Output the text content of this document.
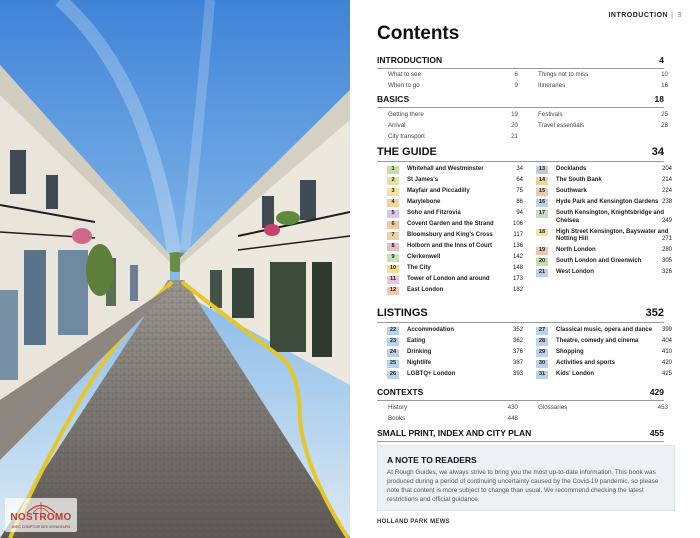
NOSTROMO
AVEC COMPTOIR DES VOYAGEURS
INTRODUCTION | 3
Contents
INTRODUCTION	4
What to see	6
When to go	9
Things not to miss	10
Itineraries	16
BASICS	18
Getting there	19
Arrival	20
City transport	21
Festivals	25
Travel essentials	28
THE GUIDE	34
1	Whitehall and Westminster	34
2	St James's	64
3	Mayfair and Piccadilly	75
4	Marylebone	86
5	Soho and Fitzrovia	94
6	Covent Garden and the Strand	106
7	Bloomsbury and King's Cross	117
8	Holborn and the Inns of Court	136
9	Clerkenwell	142
10	The City	148
11	Tower of London and around	173
12	East London	182
13	Docklands	204
14	The South Bank	214
15	Southwark	224
16	Hyde Park and Kensington Gardens 238
17	South Kensington, Knightsbridge and Chelsea	249
18	High Street Kensington, Bayswater and Notting Hill	271
19	North London	280
20	South London and Greenwich	305
21	West London	326
LISTINGS	352
22	Accommodation	352
23	Eating	362
24	Drinking	376
25	Nightlife	387
26	LGBTQ+ London	393
27	Classical music, opera and dance 399
28	Theatre, comedy and cinema	404
29	Shopping	410
30	Activities and sports	420
31	Kids' London	425
CONTEXTS	429
History	430
Books	448
Glossaries	453
SMALL PRINT, INDEX AND CITY PLAN	455
A NOTE TO READERS

At Rough Guides, we always strive to bring you the most up-to-date information. This book was produced during a period of continuing uncertainty caused by the Covid-19 pandemic, so please note that content is more subject to change than usual. We recommend checking the latest restrictions and official guidance.

HOLLAND PARK MEWS
